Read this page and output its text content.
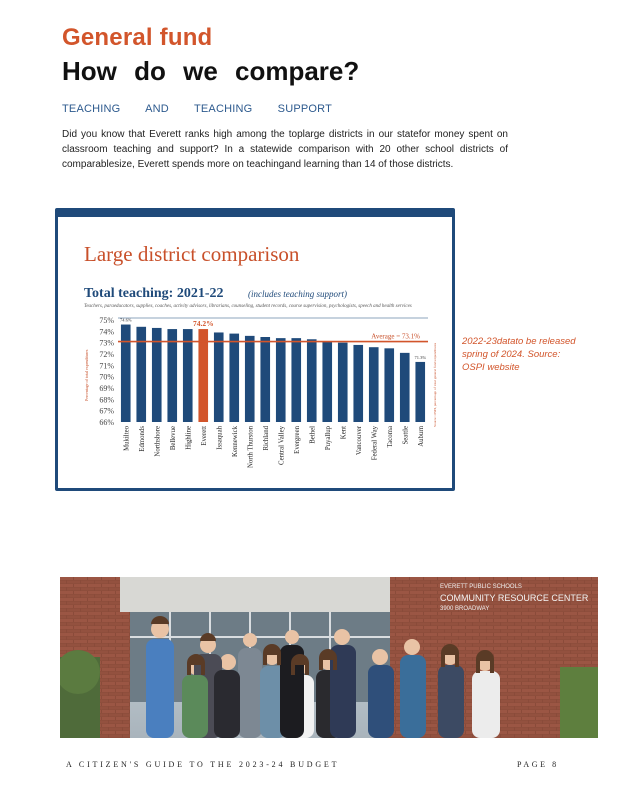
General fund
How do we compare?
TEACHING AND TEACHING SUPPORT
Did you know that Everett ranks high among the toplarge districts in our statefor money spent on classroom teaching and support? In a statewide comparison with 20 other school districts of comparablesize, Everett spends more on teachingand learning than 14 of those districts.
Large district comparison
Total teaching: 2021-22	(includes teaching support)
Teachers, paraeducators, supplies, coaches, activity advisors, librarians, counseling, student records, course supervision, psychologists, speech and health services
75%
74%
73%
72%
71%
70%
69%
68%
67%
66%
74.6%	74.2%
71.3%
Mukilteo Edmonds Northshore Bellevue Highline Everett Issaquah Kennewick North Thurston Richland Central Valley Evergreen Bethel Puyallup Kent Vancouver Federal Way Tacoma Seattle Auburn
Average = 73.1%
Percentage of total expenditures	Source: OSPI, percentage of total general fund expenditures
2022-23datato be released spring of 2024. Source: OSPI website
EVERETT PUBLIC SCHOOLS
COMMUNITY RESOURCE CENTER
3900 BROADWAY
A CITIZEN'S GUIDE TO THE 2023-24 BUDGET	PAGE 8
